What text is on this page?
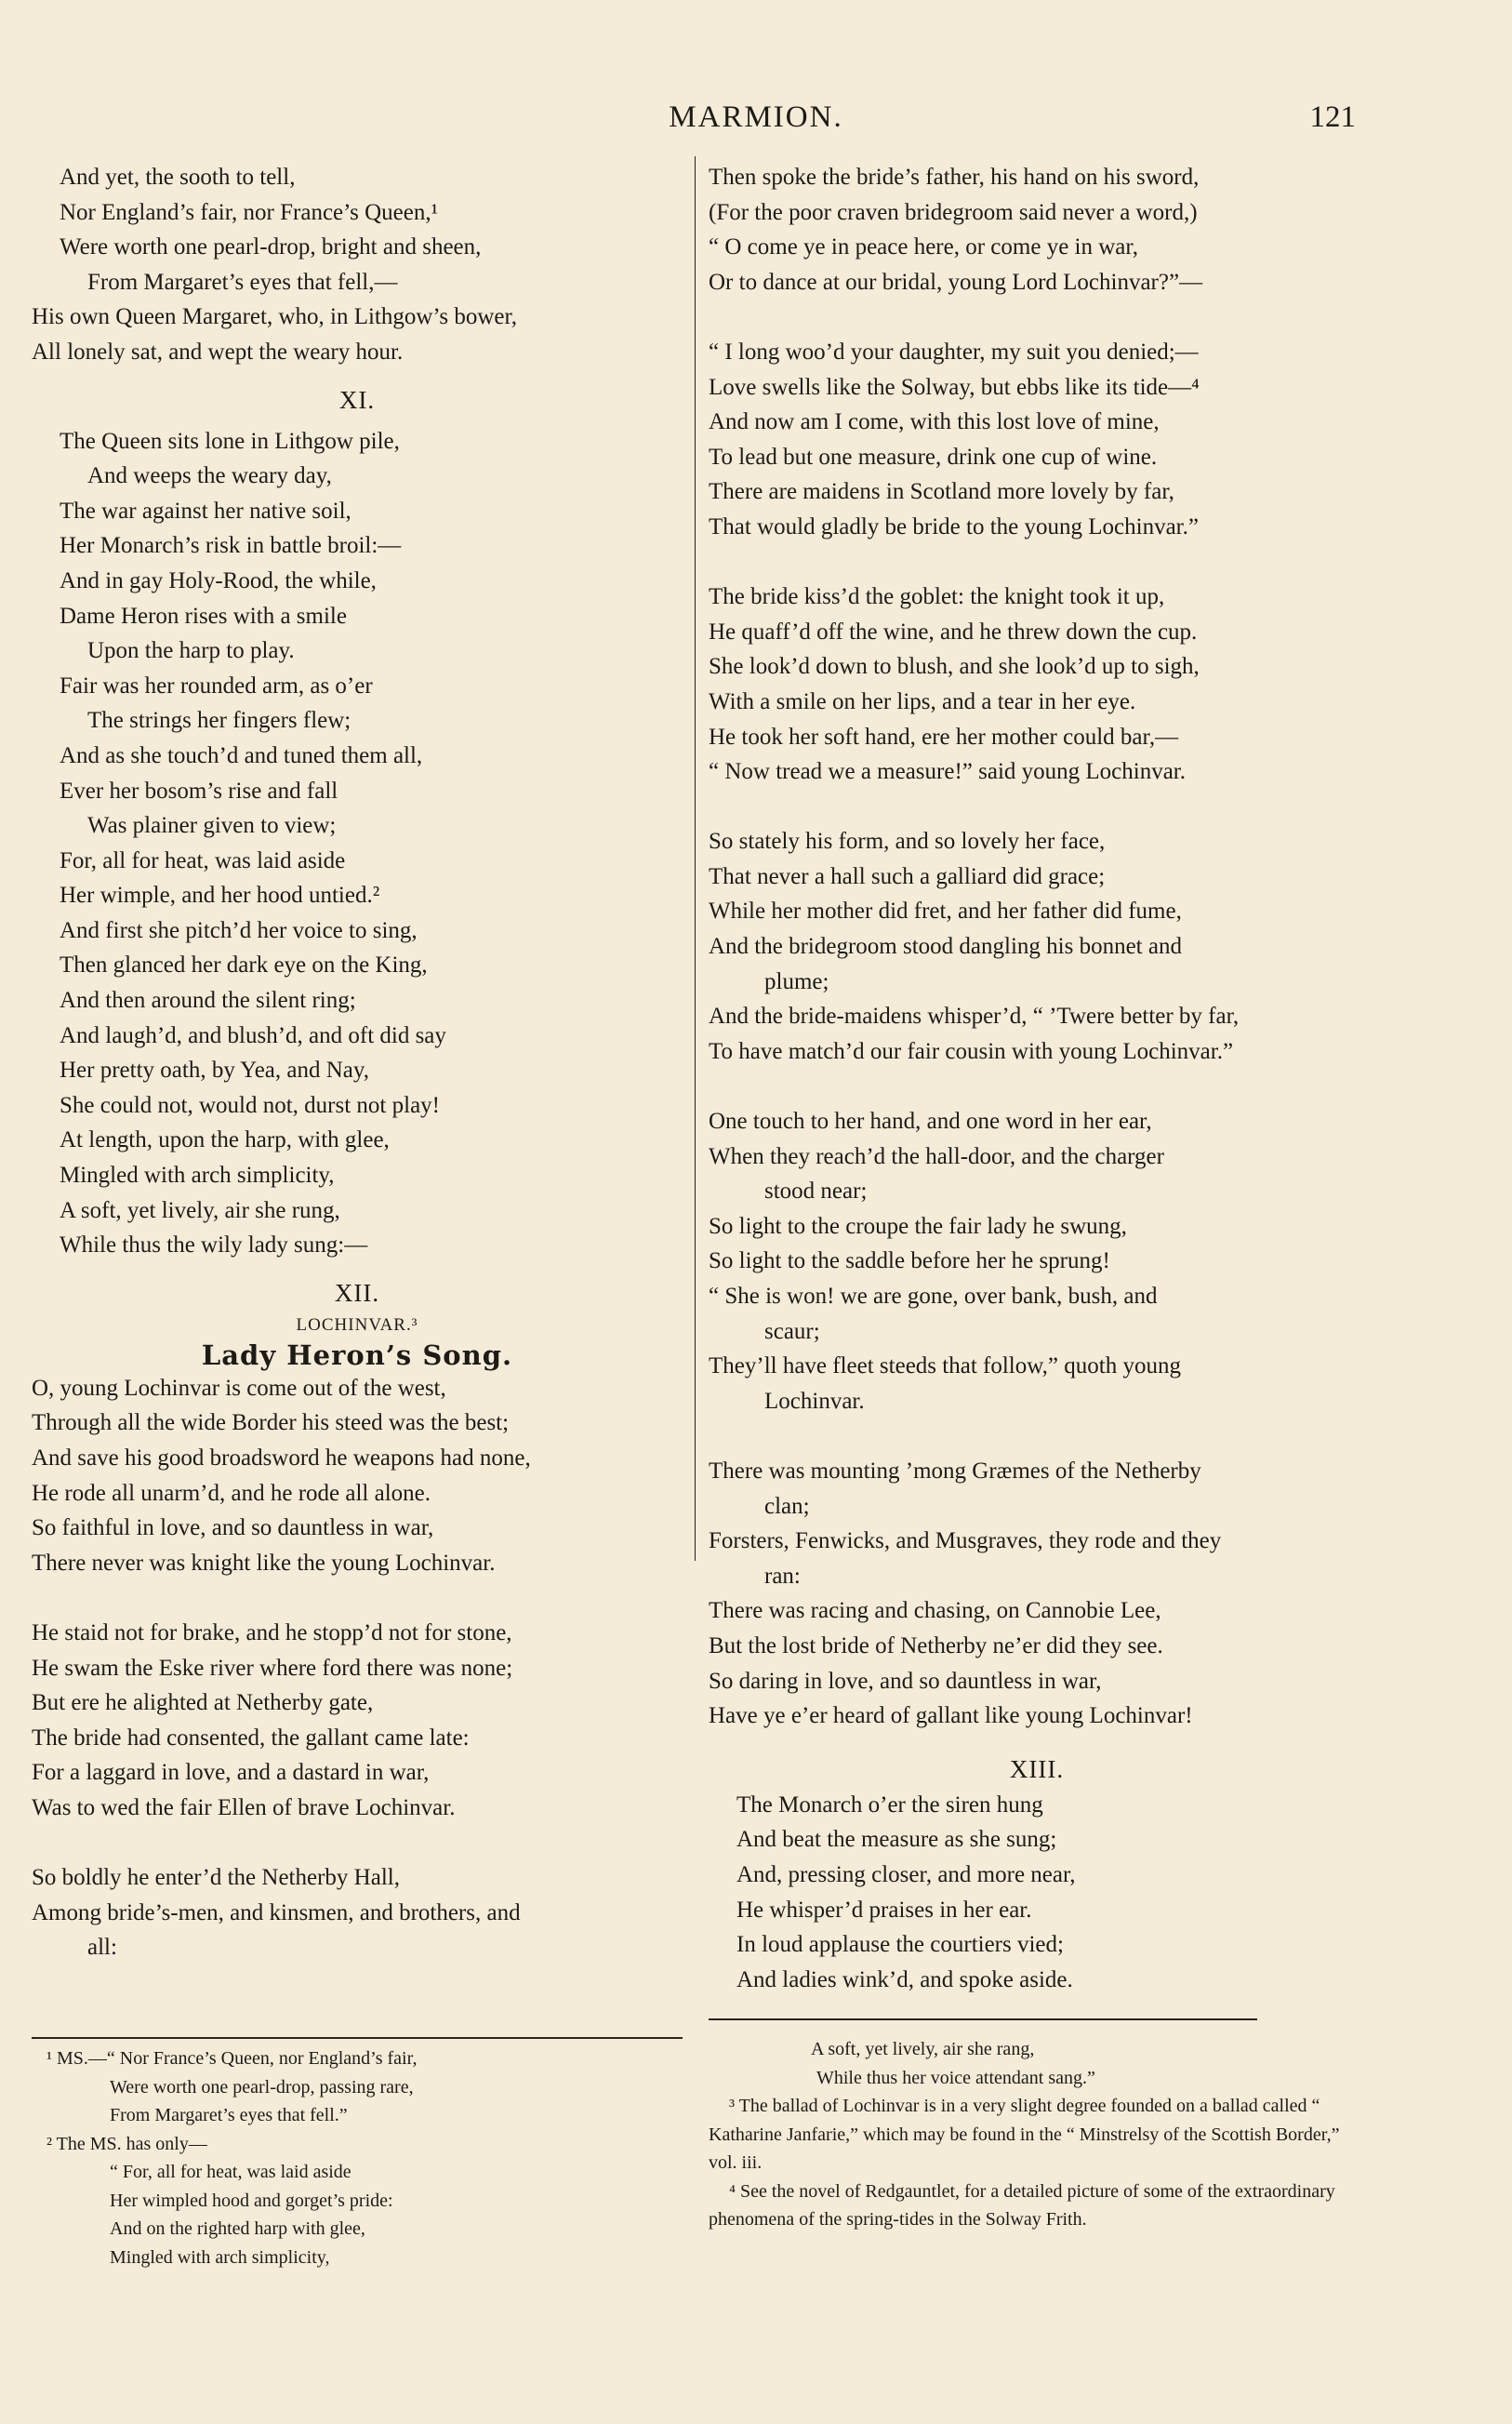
MARMION.	121
And yet, the sooth to tell,
Nor England’s fair, nor France’s Queen,¹
Were worth one pearl-drop, bright and sheen,
From Margaret’s eyes that fell,—
His own Queen Margaret, who, in Lithgow’s bower,
All lonely sat, and wept the weary hour.
XI.
The Queen sits lone in Lithgow pile,
And weeps the weary day,
The war against her native soil,
Her Monarch’s risk in battle broil:—
And in gay Holy-Rood, the while,
Dame Heron rises with a smile
Upon the harp to play.
Fair was her rounded arm, as o’er
The strings her fingers flew;
And as she touch’d and tuned them all,
Ever her bosom’s rise and fall
Was plainer given to view;
For, all for heat, was laid aside
Her wimple, and her hood untied.²
And first she pitch’d her voice to sing,
Then glanced her dark eye on the King,
And then around the silent ring;
And laugh’d, and blush’d, and oft did say
Her pretty oath, by Yea, and Nay,
She could not, would not, durst not play!
At length, upon the harp, with glee,
Mingled with arch simplicity,
A soft, yet lively, air she rung,
While thus the wily lady sung:—
XII.
LOCHINVAR.³
Lady Heron’s Song.
O, young Lochinvar is come out of the west,
Through all the wide Border his steed was the best;
And save his good broadsword he weapons had none,
He rode all unarm’d, and he rode all alone.
So faithful in love, and so dauntless in war,
There never was knight like the young Lochinvar.
He staid not for brake, and he stopp’d not for stone,
He swam the Eske river where ford there was none;
But ere he alighted at Netherby gate,
The bride had consented, the gallant came late:
For a laggard in love, and a dastard in war,
Was to wed the fair Ellen of brave Lochinvar.
So boldly he enter’d the Netherby Hall,
Among bride’s-men, and kinsmen, and brothers, and
all:
Then spoke the bride’s father, his hand on his sword,
(For the poor craven bridegroom said never a word,)
“ O come ye in peace here, or come ye in war,
Or to dance at our bridal, young Lord Lochinvar?”—
“ I long woo’d your daughter, my suit you denied;—
Love swells like the Solway, but ebbs like its tide—⁴
And now am I come, with this lost love of mine,
To lead but one measure, drink one cup of wine.
There are maidens in Scotland more lovely by far,
That would gladly be bride to the young Lochinvar.”
The bride kiss’d the goblet: the knight took it up,
He quaff’d off the wine, and he threw down the cup.
She look’d down to blush, and she look’d up to sigh,
With a smile on her lips, and a tear in her eye.
He took her soft hand, ere her mother could bar,—
“ Now tread we a measure!” said young Lochinvar.
So stately his form, and so lovely her face,
That never a hall such a galliard did grace;
While her mother did fret, and her father did fume,
And the bridegroom stood dangling his bonnet and
plume;
And the bride-maidens whisper’d, “ ’Twere better by far,
To have match’d our fair cousin with young Lochinvar.”
One touch to her hand, and one word in her ear,
When they reach’d the hall-door, and the charger
stood near;
So light to the croupe the fair lady he swung,
So light to the saddle before her he sprung!
“ She is won! we are gone, over bank, bush, and
scaur;
They’ll have fleet steeds that follow,” quoth young
Lochinvar.
There was mounting ’mong Græmes of the Netherby
clan;
Forsters, Fenwicks, and Musgraves, they rode and they
ran:
There was racing and chasing, on Cannobie Lee,
But the lost bride of Netherby ne’er did they see.
So daring in love, and so dauntless in war,
Have ye e’er heard of gallant like young Lochinvar!
XIII.
The Monarch o’er the siren hung
And beat the measure as she sung;
And, pressing closer, and more near,
He whisper’d praises in her ear.
In loud applause the courtiers vied;
And ladies wink’d, and spoke aside.
¹ MS.—“ Nor France’s Queen, nor England’s fair,
Were worth one pearl-drop, passing rare,
From Margaret’s eyes that fell.”
² The MS. has only—
“ For, all for heat, was laid aside
Her wimpled hood and gorget’s pride:
And on the righted harp with glee,
Mingled with arch simplicity,
A soft, yet lively, air she rang,
While thus her voice attendant sang.”
³ The ballad of Lochinvar is in a very slight degree founded on a ballad called “ Katharine Janfarie,” which may be found in the “ Minstrelsy of the Scottish Border,” vol. iii.
⁴ See the novel of Redgauntlet, for a detailed picture of some of the extraordinary phenomena of the spring-tides in the Solway Frith.
